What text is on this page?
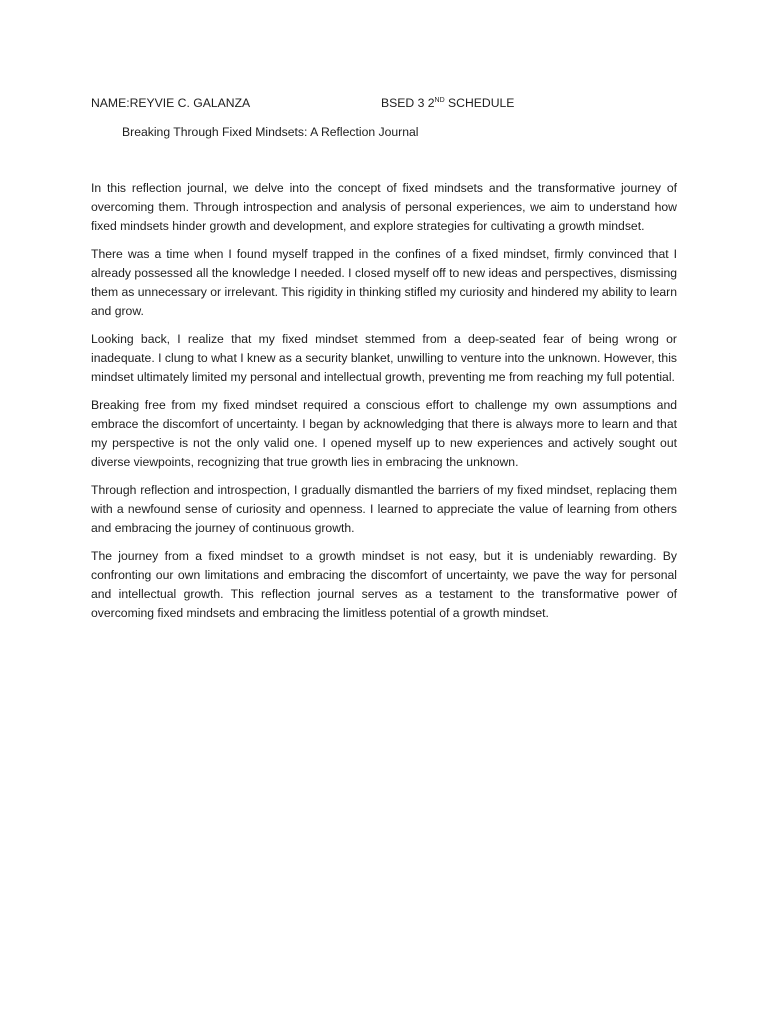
NAME:REYVIE C. GALANZA	BSED 3 2ND SCHEDULE
Breaking Through Fixed Mindsets: A Reflection Journal

In this reflection journal, we delve into the concept of fixed mindsets and the transformative journey of overcoming them. Through introspection and analysis of personal experiences, we aim to understand how fixed mindsets hinder growth and development, and explore strategies for cultivating a growth mindset.

There was a time when I found myself trapped in the confines of a fixed mindset, firmly convinced that I already possessed all the knowledge I needed. I closed myself off to new ideas and perspectives, dismissing them as unnecessary or irrelevant. This rigidity in thinking stifled my curiosity and hindered my ability to learn and grow.

Looking back, I realize that my fixed mindset stemmed from a deep-seated fear of being wrong or inadequate. I clung to what I knew as a security blanket, unwilling to venture into the unknown. However, this mindset ultimately limited my personal and intellectual growth, preventing me from reaching my full potential.

Breaking free from my fixed mindset required a conscious effort to challenge my own assumptions and embrace the discomfort of uncertainty. I began by acknowledging that there is always more to learn and that my perspective is not the only valid one. I opened myself up to new experiences and actively sought out diverse viewpoints, recognizing that true growth lies in embracing the unknown.

Through reflection and introspection, I gradually dismantled the barriers of my fixed mindset, replacing them with a newfound sense of curiosity and openness. I learned to appreciate the value of learning from others and embracing the journey of continuous growth.

The journey from a fixed mindset to a growth mindset is not easy, but it is undeniably rewarding. By confronting our own limitations and embracing the discomfort of uncertainty, we pave the way for personal and intellectual growth. This reflection journal serves as a testament to the transformative power of overcoming fixed mindsets and embracing the limitless potential of a growth mindset.
